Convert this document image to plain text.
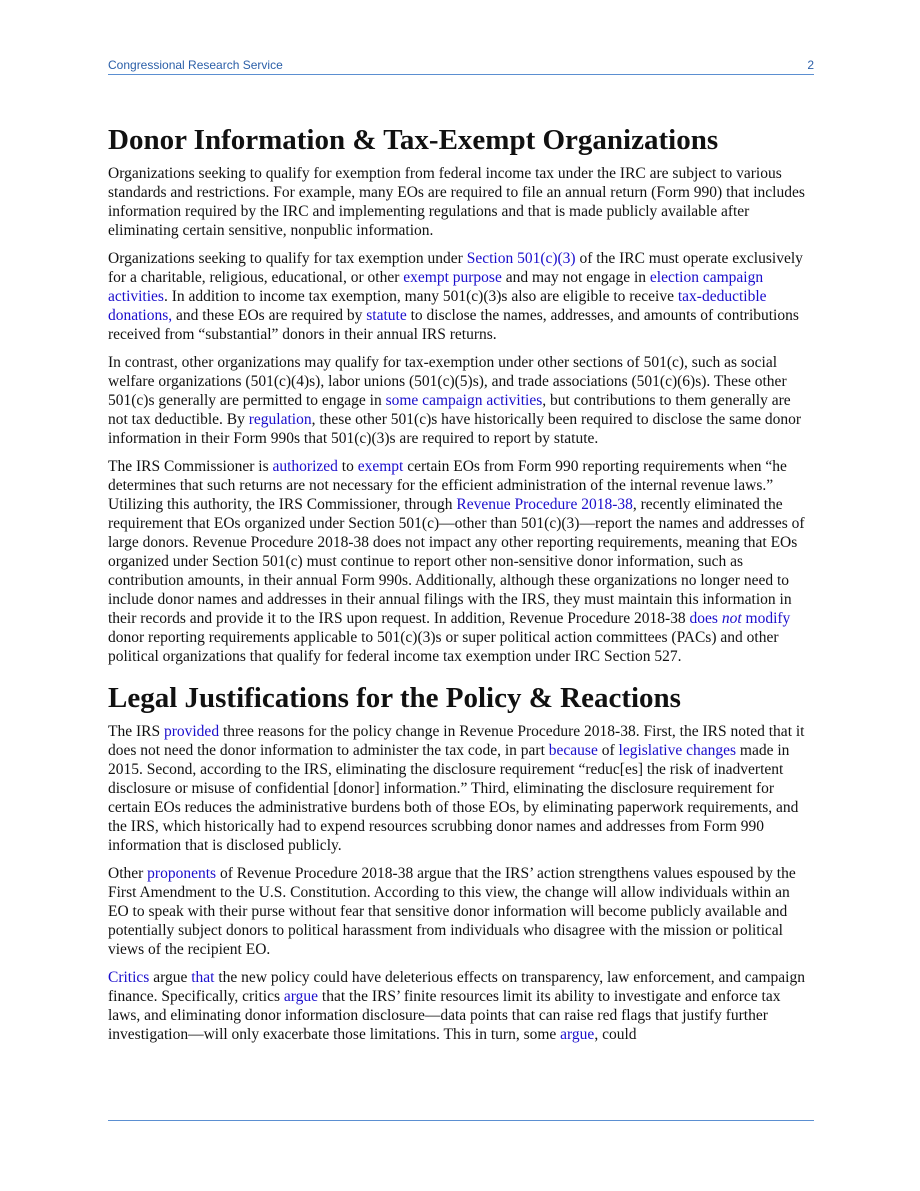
Congressional Research Service	2
Donor Information & Tax-Exempt Organizations

Organizations seeking to qualify for exemption from federal income tax under the IRC are subject to various standards and restrictions. For example, many EOs are required to file an annual return (Form 990) that includes information required by the IRC and implementing regulations and that is made publicly available after eliminating certain sensitive, nonpublic information.

Organizations seeking to qualify for tax exemption under Section 501(c)(3) of the IRC must operate exclusively for a charitable, religious, educational, or other exempt purpose and may not engage in election campaign activities. In addition to income tax exemption, many 501(c)(3)s also are eligible to receive tax-deductible donations, and these EOs are required by statute to disclose the names, addresses, and amounts of contributions received from “substantial” donors in their annual IRS returns.

In contrast, other organizations may qualify for tax-exemption under other sections of 501(c), such as social welfare organizations (501(c)(4)s), labor unions (501(c)(5)s), and trade associations (501(c)(6)s). These other 501(c)s generally are permitted to engage in some campaign activities, but contributions to them generally are not tax deductible. By regulation, these other 501(c)s have historically been required to disclose the same donor information in their Form 990s that 501(c)(3)s are required to report by statute.

The IRS Commissioner is authorized to exempt certain EOs from Form 990 reporting requirements when “he determines that such returns are not necessary for the efficient administration of the internal revenue laws.” Utilizing this authority, the IRS Commissioner, through Revenue Procedure 2018-38, recently eliminated the requirement that EOs organized under Section 501(c)—other than 501(c)(3)—report the names and addresses of large donors. Revenue Procedure 2018-38 does not impact any other reporting requirements, meaning that EOs organized under Section 501(c) must continue to report other non-sensitive donor information, such as contribution amounts, in their annual Form 990s. Additionally, although these organizations no longer need to include donor names and addresses in their annual filings with the IRS, they must maintain this information in their records and provide it to the IRS upon request. In addition, Revenue Procedure 2018-38 does not modify donor reporting requirements applicable to 501(c)(3)s or super political action committees (PACs) and other political organizations that qualify for federal income tax exemption under IRC Section 527.

Legal Justifications for the Policy & Reactions

The IRS provided three reasons for the policy change in Revenue Procedure 2018-38. First, the IRS noted that it does not need the donor information to administer the tax code, in part because of legislative changes made in 2015. Second, according to the IRS, eliminating the disclosure requirement “reduc[es] the risk of inadvertent disclosure or misuse of confidential [donor] information.” Third, eliminating the disclosure requirement for certain EOs reduces the administrative burdens both of those EOs, by eliminating paperwork requirements, and the IRS, which historically had to expend resources scrubbing donor names and addresses from Form 990 information that is disclosed publicly.

Other proponents of Revenue Procedure 2018-38 argue that the IRS’ action strengthens values espoused by the First Amendment to the U.S. Constitution. According to this view, the change will allow individuals within an EO to speak with their purse without fear that sensitive donor information will become publicly available and potentially subject donors to political harassment from individuals who disagree with the mission or political views of the recipient EO.

Critics argue that the new policy could have deleterious effects on transparency, law enforcement, and campaign finance. Specifically, critics argue that the IRS’ finite resources limit its ability to investigate and enforce tax laws, and eliminating donor information disclosure—data points that can raise red flags that justify further investigation—will only exacerbate those limitations. This in turn, some argue, could
